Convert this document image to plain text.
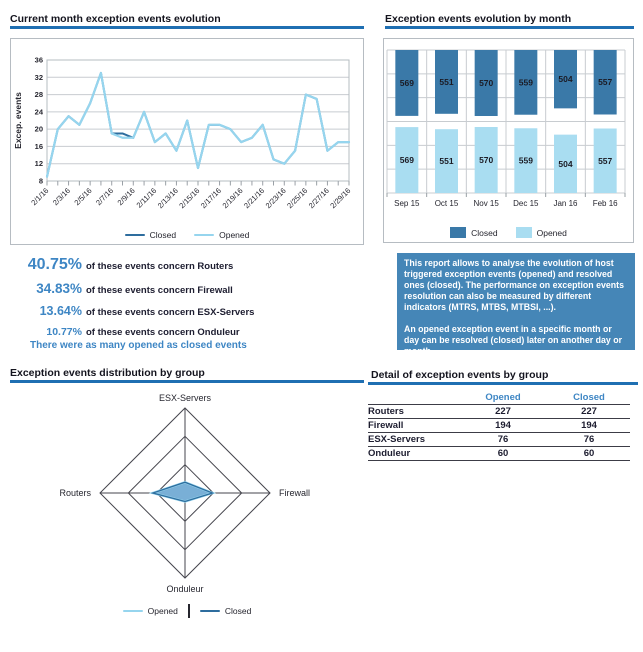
Current month exception events evolution
8
12
16
20
24
28
32
36
2/1/16 2/3/16 2/5/16 2/7/16 2/9/16
2/11/16
2/13/16
2/15/16
2/17/16
2/19/16
2/21/16
2/23/16
2/25/16
2/27/16
2/29/16
Excep. events
Closed	Opened
Exception events evolution by month
569
569
Sep 15
551
551
Oct 15
570
570
Nov 15
559
559
Dec 15
504
504
Jan 16
557
557
Feb 16
Closed	Opened
40.75% of these events concern Routers
34.83% of these events concern Firewall
13.64% of these events concern ESX-Servers
10.77% of these events concern Onduleur
There were as many opened as closed events

This report allows to analyse the evolution of host triggered exception events (opened) and resolved ones (closed). The performance on exception events resolution can also be measured by different indicators (MTRS, MTBS, MTBSI, ...).

An opened exception event in a specific month or day can be resolved (closed) later on another day or month.

Exception events distribution by group
ESX-Servers
Firewall
Onduleur
Routers
Opened	Closed
Detail of exception events by group
Opened	Closed
Routers	227	227
Firewall	194	194
ESX-Servers	76	76
Onduleur	60	60
